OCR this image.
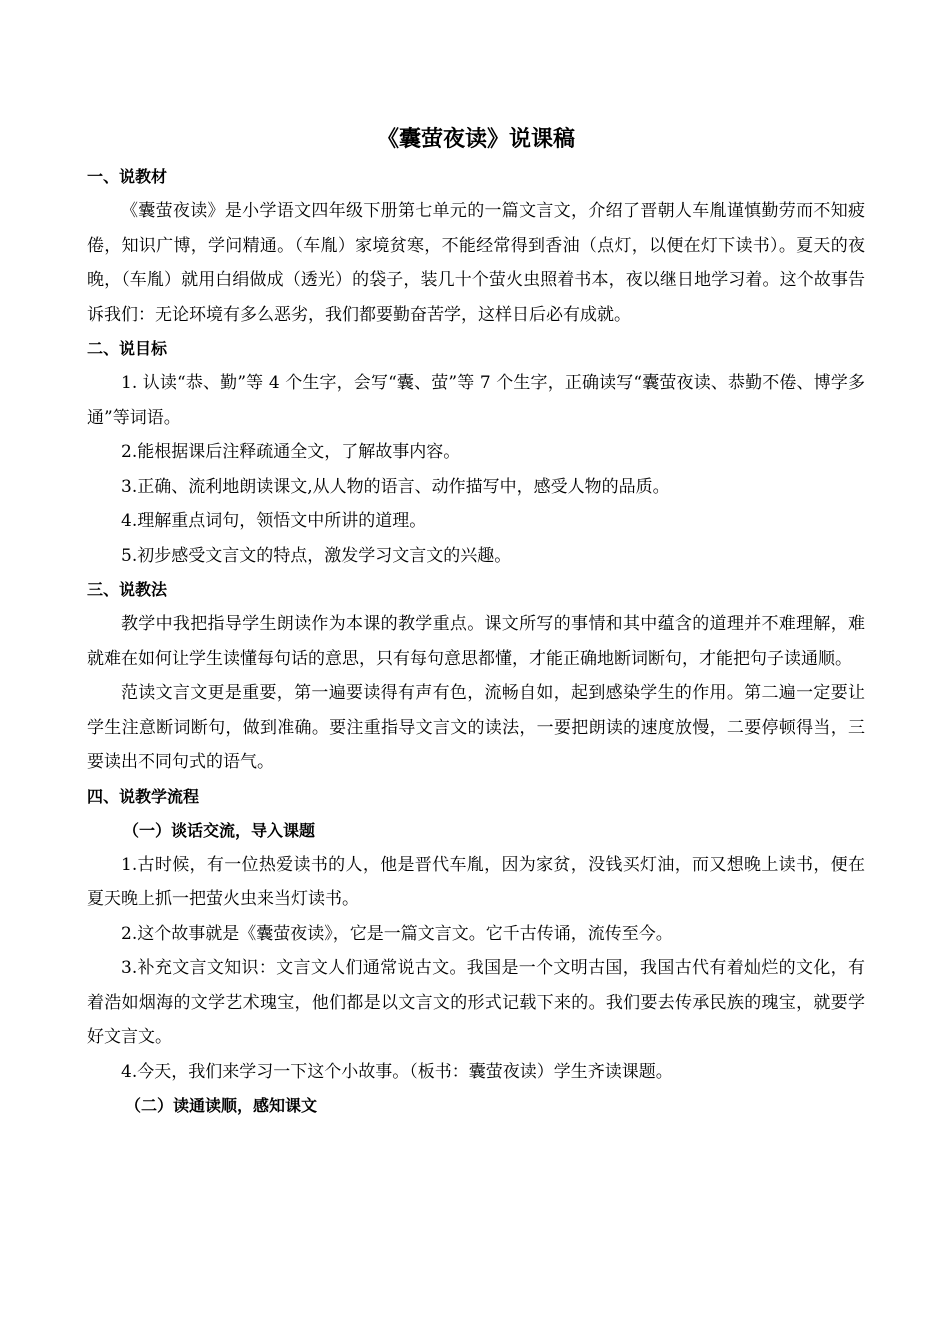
《囊萤夜读》说课稿
一、说教材

《囊萤夜读》是小学语文四年级下册第七单元的一篇文言文，介绍了晋朝人车胤谨慎勤劳而不知疲倦，知识广博，学问精通。（车胤）家境贫寒，不能经常得到香油（点灯，以便在灯下读书）。夏天的夜晚，（车胤）就用白绢做成（透光）的袋子，装几十个萤火虫照着书本，夜以继日地学习着。这个故事告诉我们：无论环境有多么恶劣，我们都要勤奋苦学，这样日后必有成就。

二、说目标

1. 认读“恭、勤”等 4 个生字，会写“囊、萤”等 7 个生字，正确读写“囊萤夜读、恭勤不倦、博学多通”等词语。

2.能根据课后注释疏通全文，了解故事内容。

3.正确、流利地朗读课文,从人物的语言、动作描写中，感受人物的品质。

4.理解重点词句，领悟文中所讲的道理。

5.初步感受文言文的特点，激发学习文言文的兴趣。

三、说教法

教学中我把指导学生朗读作为本课的教学重点。课文所写的事情和其中蕴含的道理并不难理解，难就难在如何让学生读懂每句话的意思，只有每句意思都懂，才能正确地断词断句，才能把句子读通顺。

范读文言文更是重要，第一遍要读得有声有色，流畅自如，起到感染学生的作用。第二遍一定要让学生注意断词断句，做到准确。要注重指导文言文的读法，一要把朗读的速度放慢，二要停顿得当，三要读出不同句式的语气。

四、说教学流程
（一）谈话交流，导入课题

1.古时候，有一位热爱读书的人，他是晋代车胤，因为家贫，没钱买灯油，而又想晚上读书，便在夏天晚上抓一把萤火虫来当灯读书。

2.这个故事就是《囊萤夜读》，它是一篇文言文。它千古传诵，流传至今。

3.补充文言文知识：文言文人们通常说古文。我国是一个文明古国，我国古代有着灿烂的文化，有着浩如烟海的文学艺术瑰宝，他们都是以文言文的形式记载下来的。我们要去传承民族的瑰宝，就要学好文言文。

4.今天，我们来学习一下这个小故事。（板书：囊萤夜读）学生齐读课题。

（二）读通读顺，感知课文
